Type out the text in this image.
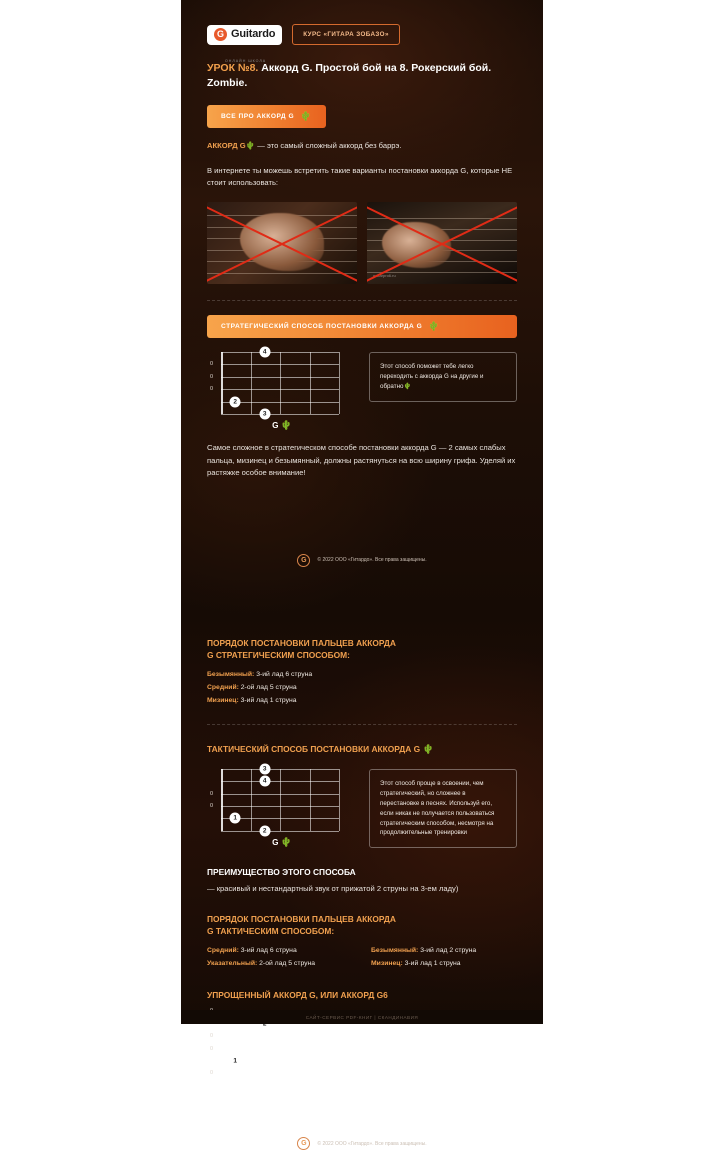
G Guitardo
ОНЛАЙН ШКОЛА
КУРС «ГИТАРА ЗОБАЗО»
УРОК №8. Аккорд G. Простой бой на 8. Рокерский бой. Zombie.
ВСЕ ПРО АККОРД G 🌵

АККОРД G🌵 — это самый сложный аккорд без баррэ.

В интернете ты можешь встретить такие варианты постановки аккорда G, которые НЕ стоит использовать:

guitarpro6.ru
СТРАТЕГИЧЕСКИЙ СПОСОБ ПОСТАНОВКИ АККОРДА G 🌵
0
0
0
4
2
3
G 🌵
Этот способ поможет тебе легко переходить с аккорда G на другие и обратно🌵

Самое сложное в стратегическом способе постановки аккорда G — 2 самых слабых пальца, мизинец и безымянный, должны растянуться на всю ширину грифа. Уделяй их растяжке особое внимание!

G	© 2022 ООО «Гитардо». Все права защищены.
ПОРЯДОК ПОСТАНОВКИ ПАЛЬЦЕВ АККОРДА
G СТРАТЕГИЧЕСКИМ СПОСОБОМ:
Безымянный: 3-ий лад 6 струна
Средний: 2-ой лад 5 струна
Мизинец: 3-ий лад 1 струна
ТАКТИЧЕСКИЙ СПОСОБ ПОСТАНОВКИ АККОРДА G 🌵
0
0
3
4
1
2
G 🌵
Этот способ проще в освоении, чем стратегический, но сложнее в перестановке в песнях. Используй его, если никак не получается пользоваться стратегическим способом, несмотря на продолжительные тренировки
ПРЕИМУЩЕСТВО ЭТОГО СПОСОБА

— красивый и нестандартный звук от прижатой 2 струны на 3-ем ладу)

ПОРЯДОК ПОСТАНОВКИ ПАЛЬЦЕВ АККОРДА
G ТАКТИЧЕСКИМ СПОСОБОМ:
Средний: 3-ий лад 6 струна
Указательный: 2-ой лад 5 струна
Безымянный: 3-ий лад 2 струна
Мизинец: 3-ий лад 1 струна
УПРОЩЕННЫЙ АККОРД G, ИЛИ АККОРД G6
0
0
0
1
G6
G	© 2022 ООО «Гитардо». Все права защищены.
САЙТ-СЕРВИС PDF-КНИГ | СКАНДИНАВИЯ
